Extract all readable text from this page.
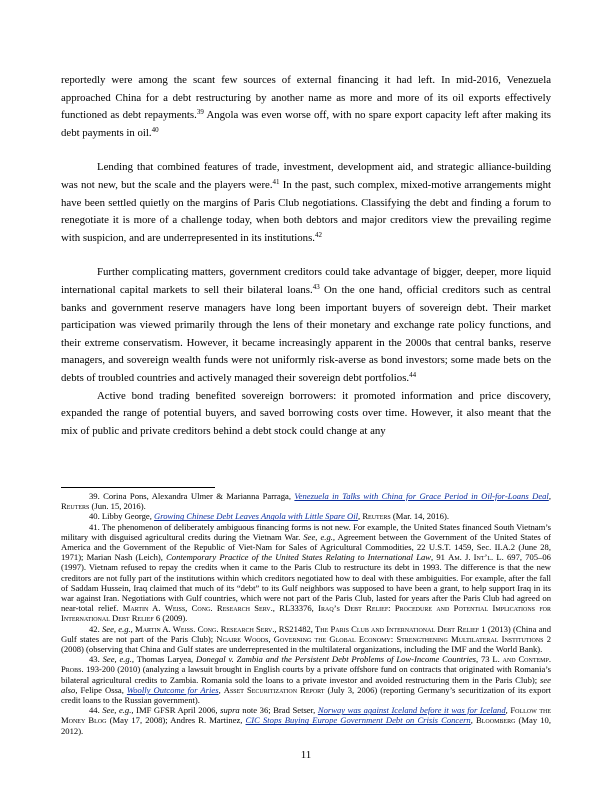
reportedly were among the scant few sources of external financing it had left. In mid-2016, Venezuela approached China for a debt restructuring by another name as more and more of its oil exports effectively functioned as debt repayments.$^{39}$ Angola was even worse off, with no spare export capacity left after making its debt payments in oil.$^{40}$

Lending that combined features of trade, investment, development aid, and strategic alliance-building was not new, but the scale and the players were.$^{41}$ In the past, such complex, mixed-motive arrangements might have been settled quietly on the margins of Paris Club negotiations. Classifying the debt and finding a forum to renegotiate it is more of a challenge today, when both debtors and major creditors view the prevailing regime with suspicion, and are underrepresented in its institutions.$^{42}$

Further complicating matters, government creditors could take advantage of bigger, deeper, more liquid international capital markets to sell their bilateral loans.$^{43}$ On the one hand, official creditors such as central banks and government reserve managers have long been important buyers of sovereign debt. Their market participation was viewed primarily through the lens of their monetary and exchange rate policy functions, and their extreme conservatism. However, it became increasingly apparent in the 2000s that central banks, reserve managers, and sovereign wealth funds were not uniformly risk-averse as bond investors; some made bets on the debts of troubled countries and actively managed their sovereign debt portfolios.$^{44}$

Active bond trading benefited sovereign borrowers: it promoted information and price discovery, expanded the range of potential buyers, and saved borrowing costs over time. However, it also meant that the mix of public and private creditors behind a debt stock could change at any

39. Corina Pons, Alexandra Ulmer & Marianna Parraga, Venezuela in Talks with China for Grace Period in Oil-for-Loans Deal, Reuters (Jun. 15, 2016).

40. Libby George, Growing Chinese Debt Leaves Angola with Little Spare Oil, Reuters (Mar. 14, 2016).

41. The phenomenon of deliberately ambiguous financing forms is not new. For example, the United States financed South Vietnam’s military with disguised agricultural credits during the Vietnam War. See, e.g., Agreement between the Government of the United States of America and the Government of the Republic of Viet-Nam for Sales of Agricultural Commodities, 22 U.S.T. 1459, Sec. II.A.2 (June 28, 1971); Marian Nash (Leich), Contemporary Practice of the United States Relating to International Law, 91 Am. J. Int’l. L. 697, 705–06 (1997). Vietnam refused to repay the credits when it came to the Paris Club to restructure its debt in 1993. The difference is that the new creditors are not fully part of the institutions within which creditors negotiated how to deal with these ambiguities. For example, after the fall of Saddam Hussein, Iraq claimed that much of its “debt” to its Gulf neighbors was supposed to have been a grant, to help support Iraq in its war against Iran. Negotiations with Gulf countries, which were not part of the Paris Club, lasted for years after the Paris Club had agreed on near-total relief. Martin A. Weiss, Cong. Research Serv., RL33376, Iraq’s Debt Relief: Procedure and Potential Implications for International Debt Relief 6 (2009).

42. See, e.g., Martin A. Weiss. Cong. Research Serv., RS21482, The Paris Club and International Debt Relief 1 (2013) (China and Gulf states are not part of the Paris Club); Ngaire Woods, Governing the Global Economy: Strengthening Multilateral Institutions 2 (2008) (observing that China and Gulf states are underrepresented in the multilateral organizations, including the IMF and the World Bank).

43. See, e.g., Thomas Laryea, Donegal v. Zambia and the Persistent Debt Problems of Low-Income Countries, 73 L. and Contemp. Probs. 193-200 (2010) (analyzing a lawsuit brought in English courts by a private offshore fund on contracts that originated with Romania’s bilateral agricultural credits to Zambia. Romania sold the loans to a private investor and avoided restructuring them in the Paris Club); see also, Felipe Ossa, Woolly Outcome for Aries, Asset Securitization Report (July 3, 2006) (reporting Germany’s securitization of its export credit loans to the Russian government).

44. See, e.g., IMF GFSR April 2006, supra note 36; Brad Setser, Norway was against Iceland before it was for Iceland, Follow the Money Blog (May 17, 2008); Andres R. Martinez, CIC Stops Buying Europe Government Debt on Crisis Concern, Bloomberg (May 10, 2012).

11
